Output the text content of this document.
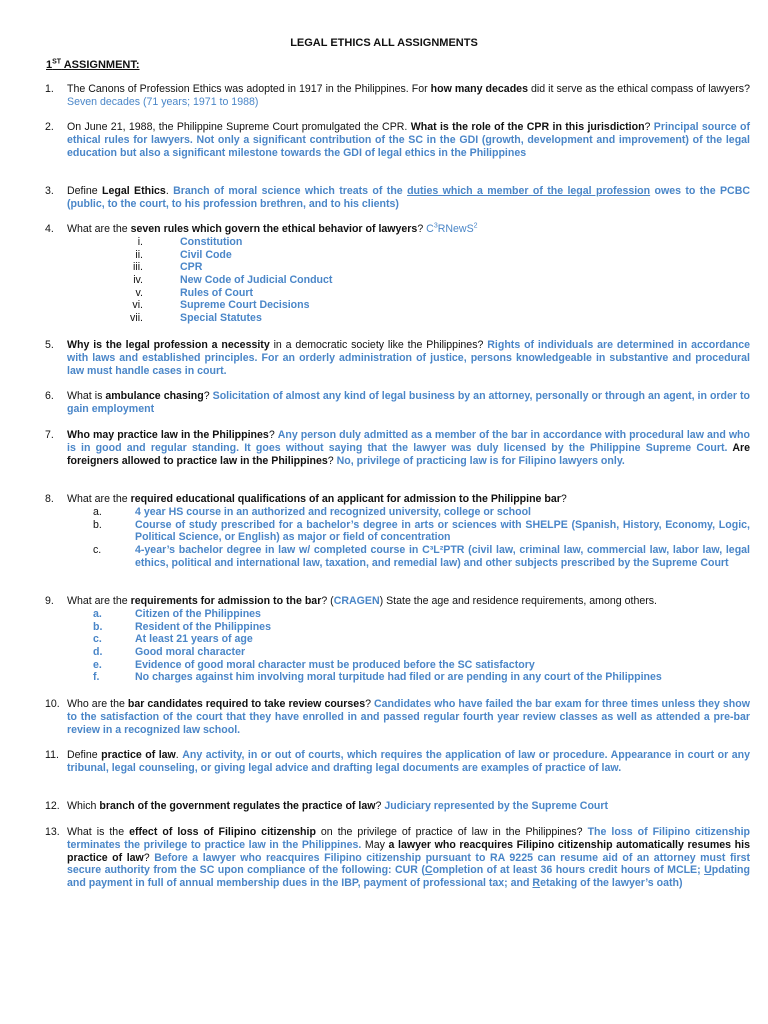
LEGAL ETHICS ALL ASSIGNMENTS
1ST ASSIGNMENT:
1. The Canons of Profession Ethics was adopted in 1917 in the Philippines. For how many decades did it serve as the ethical compass of lawyers? Seven decades (71 years; 1971 to 1988)
2. On June 21, 1988, the Philippine Supreme Court promulgated the CPR. What is the role of the CPR in this jurisdiction? Principal source of ethical rules for lawyers. Not only a significant contribution of the SC in the GDI (growth, development and improvement) of the legal education but also a significant milestone towards the GDI of legal ethics in the Philippines
3. Define Legal Ethics. Branch of moral science which treats of the duties which a member of the legal profession owes to the PCBC (public, to the court, to his profession brethren, and to his clients)
4. What are the seven rules which govern the ethical behavior of lawyers? $C^3RNewS^2$
i.	Constitution
ii.	Civil Code
iii.	CPR
iv.	New Code of Judicial Conduct
v.	Rules of Court
vi.	Supreme Court Decisions
vii.	Special Statutes
5. Why is the legal profession a necessity in a democratic society like the Philippines? Rights of individuals are determined in accordance with laws and established principles. For an orderly administration of justice, persons knowledgeable in substantive and procedural law must handle cases in court.
6. What is ambulance chasing? Solicitation of almost any kind of legal business by an attorney, personally or through an agent, in order to gain employment
7. Who may practice law in the Philippines? Any person duly admitted as a member of the bar in accordance with procedural law and who is in good and regular standing. It goes without saying that the lawyer was duly licensed by the Philippine Supreme Court. Are foreigners allowed to practice law in the Philippines? No, privilege of practicing law is for Filipino lawyers only.
8. What are the required educational qualifications of an applicant for admission to the Philippine bar?
a.	4 year HS course in an authorized and recognized university, college or school
b.	Course of study prescribed for a bachelor’s degree in arts or sciences with SHELPE (Spanish, History, Economy, Logic, Political Science, or English) as major or field of concentration
c.	4-year’s bachelor degree in law w/ completed course in C³L²PTR (civil law, criminal law, commercial law, labor law, legal ethics, political and international law, taxation, and remedial law) and other subjects prescribed by the Supreme Court
9. What are the requirements for admission to the bar? (CRAGEN) State the age and residence requirements, among others.
a.	Citizen of the Philippines
b.	Resident of the Philippines
c.	At least 21 years of age
d.	Good moral character
e.	Evidence of good moral character must be produced before the SC satisfactory
f.	No charges against him involving moral turpitude had filed or are pending in any court of the Philippines
10. Who are the bar candidates required to take review courses? Candidates who have failed the bar exam for three times unless they show to the satisfaction of the court that they have enrolled in and passed regular fourth year review classes as well as attended a pre-bar review in a recognized law school.
11. Define practice of law. Any activity, in or out of courts, which requires the application of law or procedure. Appearance in court or any tribunal, legal counseling, or giving legal advice and drafting legal documents are examples of practice of law.
12. Which branch of the government regulates the practice of law? Judiciary represented by the Supreme Court
13. What is the effect of loss of Filipino citizenship on the privilege of practice of law in the Philippines? The loss of Filipino citizenship terminates the privilege to practice law in the Philippines. May a lawyer who reacquires Filipino citizenship automatically resumes his practice of law? Before a lawyer who reacquires Filipino citizenship pursuant to RA 9225 can resume aid of an attorney must first secure authority from the SC upon compliance of the following: CUR (Completion of at least 36 hours credit hours of MCLE; Updating and payment in full of annual membership dues in the IBP, payment of professional tax; and Retaking of the lawyer’s oath)
